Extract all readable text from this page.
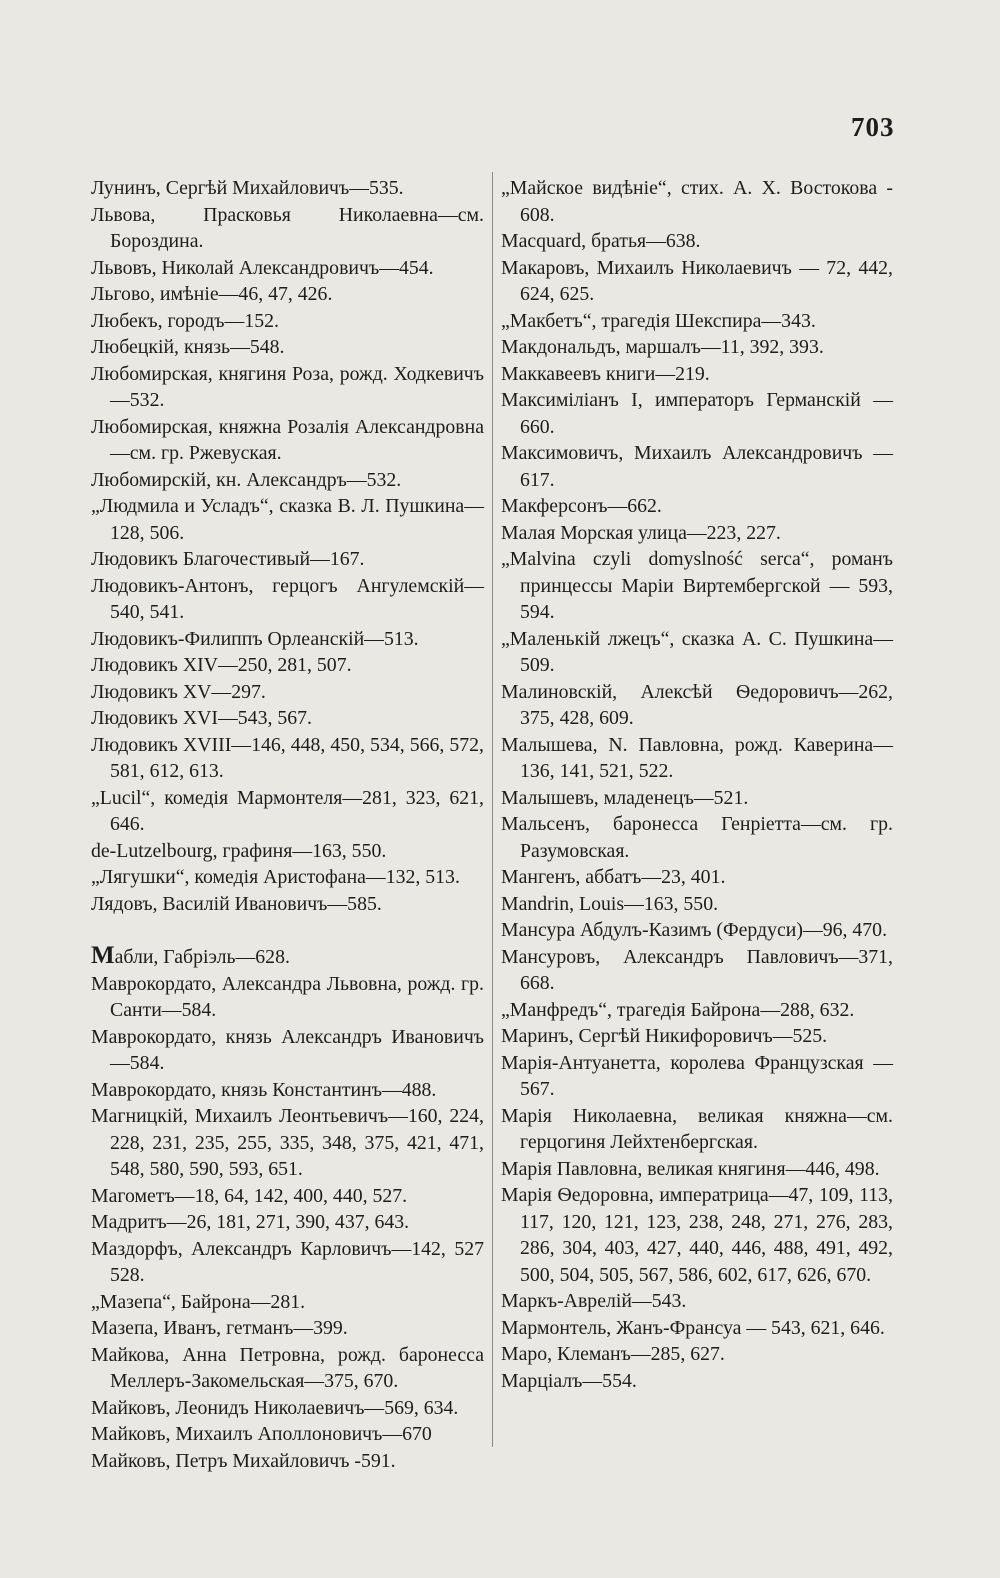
703

Лунинъ, Сергѣй Михайловичъ—535.

Львова, Прасковья Николаевна—см. Бороздина.

Львовъ, Николай Александровичъ—454.

Льгово, имѣніе—46, 47, 426.

Любекъ, городъ—152.

Любецкій, князь—548.

Любомирская, княгиня Роза, рожд. Ходкевичъ—532.

Любомирская, княжна Розалія Александровна—см. гр. Ржевуская.

Любомирскій, кн. Александръ—532.

„Людмила и Усладъ“, сказка В. Л. Пушкина—128, 506.

Людовикъ Благочестивый—167.

Людовикъ-Антонъ, герцогъ Ангулемскій—540, 541.

Людовикъ-Филиппъ Орлеанскій—513.

Людовикъ XIV—250, 281, 507.

Людовикъ XV—297.

Людовикъ XVI—543, 567.

Людовикъ XVIII—146, 448, 450, 534, 566, 572, 581, 612, 613.

„Lucil“, комедія Мармонтеля—281, 323, 621, 646.

de-Lutzelbourg, графиня—163, 550.

„Лягушки“, комедія Аристофана—132, 513.

Лядовъ, Василій Ивановичъ—585.

Мабли, Габріэль—628.

Маврокордато, Александра Львовна, рожд. гр. Санти—584.

Маврокордато, князь Александръ Ивановичъ—584.

Маврокордато, князь Константинъ—488.

Магницкій, Михаилъ Леонтьевичъ—160, 224, 228, 231, 235, 255, 335, 348, 375, 421, 471, 548, 580, 590, 593, 651.

Магометъ—18, 64, 142, 400, 440, 527.

Мадритъ—26, 181, 271, 390, 437, 643.

Маздорфъ, Александръ Карловичъ—142, 527 528.

„Мазепа“, Байрона—281.

Мазепа, Иванъ, гетманъ—399.

Майкова, Анна Петровна, рожд. баронесса Меллеръ-Закомельская—375, 670.

Майковъ, Леонидъ Николаевичъ—569, 634.

Майковъ, Михаилъ Аполлоновичъ—670

Майковъ, Петръ Михайловичъ -591.

„Майское видѣніе“, стих. А. Х. Востокова - 608.

Macquard, братья—638.

Макаровъ, Михаилъ Николаевичъ — 72, 442, 624, 625.

„Макбетъ“, трагедія Шекспира—343.

Макдональдъ, маршалъ—11, 392, 393.

Маккавеевъ книги—219.

Максиміліанъ I, императоръ Германскій —660.

Максимовичъ, Михаилъ Александровичъ —617.

Макферсонъ—662.

Малая Морская улица—223, 227.

„Malvina czyli domyslność serca“, романъ принцессы Маріи Виртембергской — 593, 594.

„Маленькій лжецъ“, сказка А. С. Пушкина—509.

Малиновскій, Алексѣй Ѳедоровичъ—262, 375, 428, 609.

Малышева, N. Павловна, рожд. Каверина—136, 141, 521, 522.

Малышевъ, младенецъ—521.

Мальсенъ, баронесса Генріетта—см. гр. Разумовская.

Мангенъ, аббатъ—23, 401.

Mandrin, Louis—163, 550.

Мансура Абдулъ-Казимъ (Фердуси)—96, 470.

Мансуровъ, Александръ Павловичъ—371, 668.

„Манфредъ“, трагедія Байрона—288, 632.

Маринъ, Сергѣй Никифоровичъ—525.

Марія-Антуанетта, королева Французская —567.

Марія Николаевна, великая княжна—см. герцогиня Лейхтенбергская.

Марія Павловна, великая княгиня—446, 498.

Марія Ѳедоровна, императрица—47, 109, 113, 117, 120, 121, 123, 238, 248, 271, 276, 283, 286, 304, 403, 427, 440, 446, 488, 491, 492, 500, 504, 505, 567, 586, 602, 617, 626, 670.

Маркъ-Аврелій—543.

Мармонтель, Жанъ-Франсуа — 543, 621, 646.

Маро, Клеманъ—285, 627.

Марціалъ—554.
